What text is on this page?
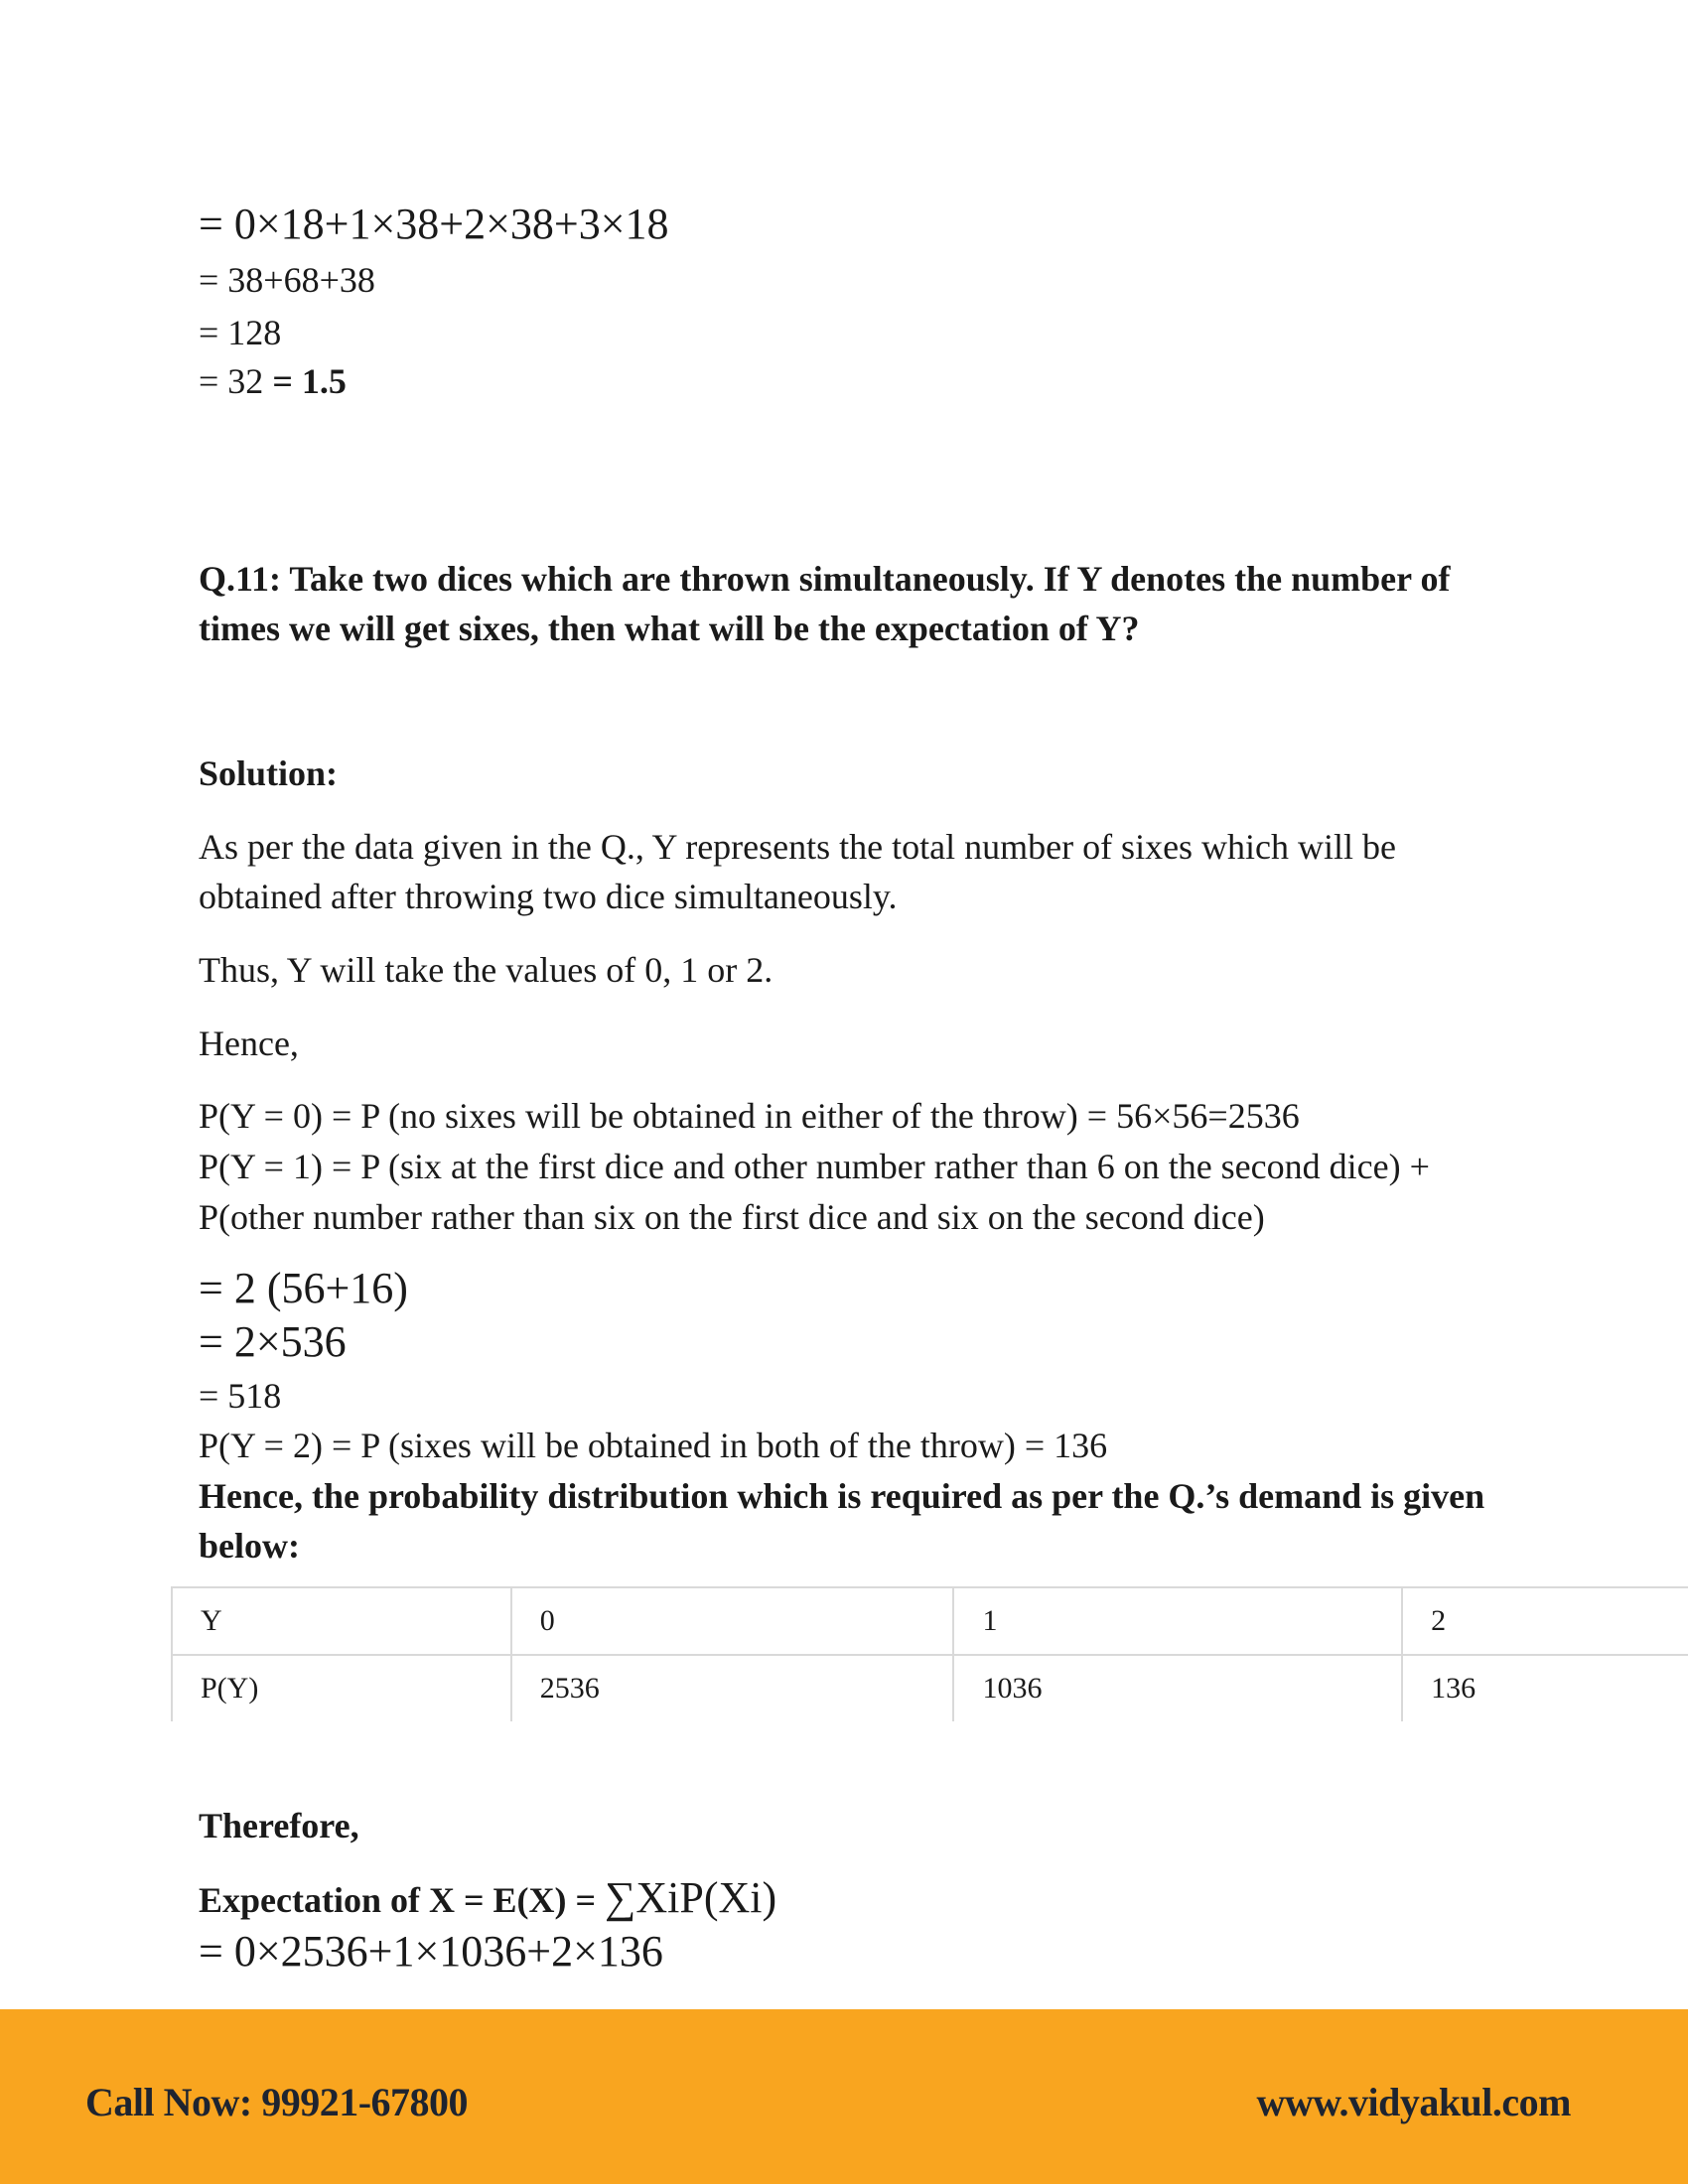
= 0×18+1×38+2×38+3×18
= 38+68+38
= 128
= 32 = 1.5
Q.11: Take two dices which are thrown simultaneously. If Y denotes the number of times we will get sixes, then what will be the expectation of Y?
Solution:
As per the data given in the Q., Y represents the total number of sixes which will be obtained after throwing two dice simultaneously.
Thus, Y will take the values of 0, 1 or 2.
Hence,
P(Y = 0) = P (no sixes will be obtained in either of the throw) = 56×56=2536
P(Y = 1) = P (six at the first dice and other number rather than 6 on the second dice) +
P(other number rather than six on the first dice and six on the second dice)
= 2 (56+16)
= 2×536
= 518
P(Y = 2) = P (sixes will be obtained in both of the throw) = 136
Hence, the probability distribution which is required as per the Q.’s demand is given below:
Y	0	1	2
P(Y)	2536	1036	136
Therefore,
Expectation of X = E(X) = ∑XiP(Xi)
= 0×2536+1×1036+2×136
Call Now: 99921-67800	www.vidyakul.com
